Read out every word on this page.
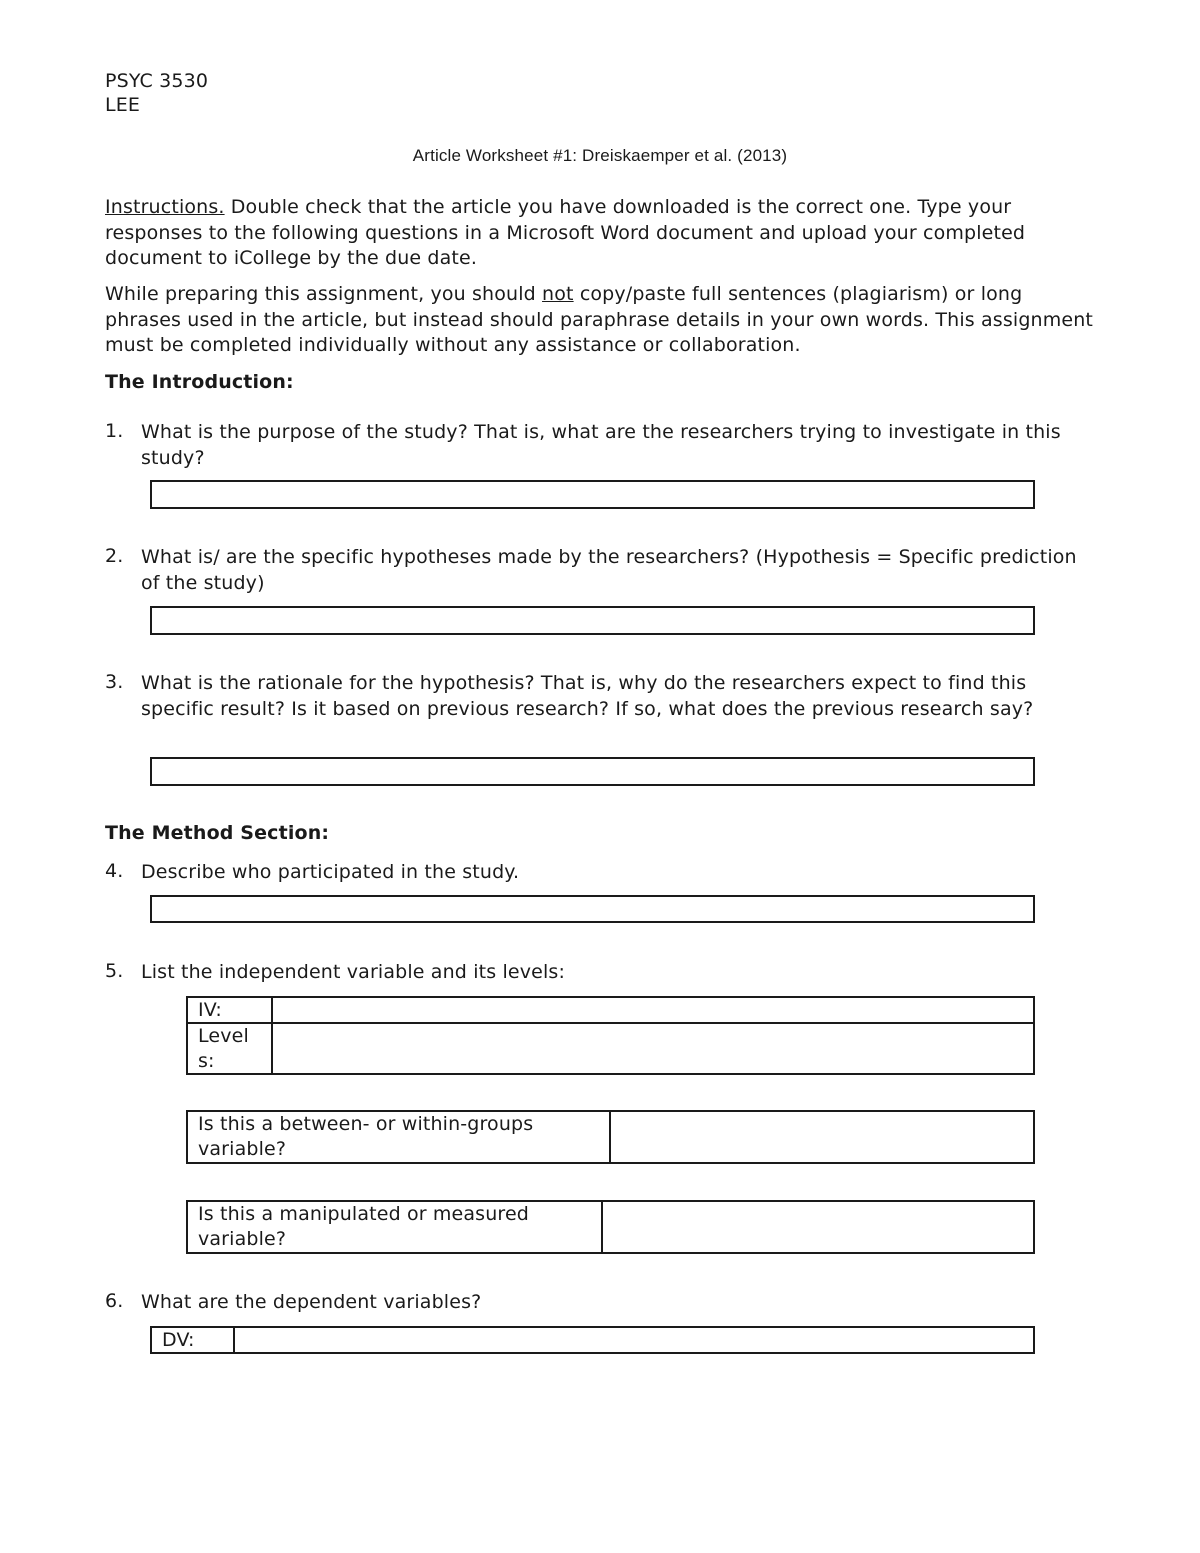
PSYC 3530
LEE
Article Worksheet #1: Dreiskaemper et al. (2013)
Instructions. Double check that the article you have downloaded is the correct one. Type your responses to the following questions in a Microsoft Word document and upload your completed document to iCollege by the due date.
While preparing this assignment, you should not copy/paste full sentences (plagiarism) or long phrases used in the article, but instead should paraphrase details in your own words. This assignment must be completed individually without any assistance or collaboration.
The Introduction:
1. What is the purpose of the study? That is, what are the researchers trying to investigate in this study?
2. What is/ are the specific hypotheses made by the researchers? (Hypothesis = Specific prediction of the study)
3. What is the rationale for the hypothesis? That is, why do the researchers expect to find this specific result? Is it based on previous research? If so, what does the previous research say?
The Method Section:
4. Describe who participated in the study.
5. List the independent variable and its levels:
IV:
Level
s:
Is this a between- or within-groups variable?
Is this a manipulated or measured variable?
6. What are the dependent variables?
DV:
